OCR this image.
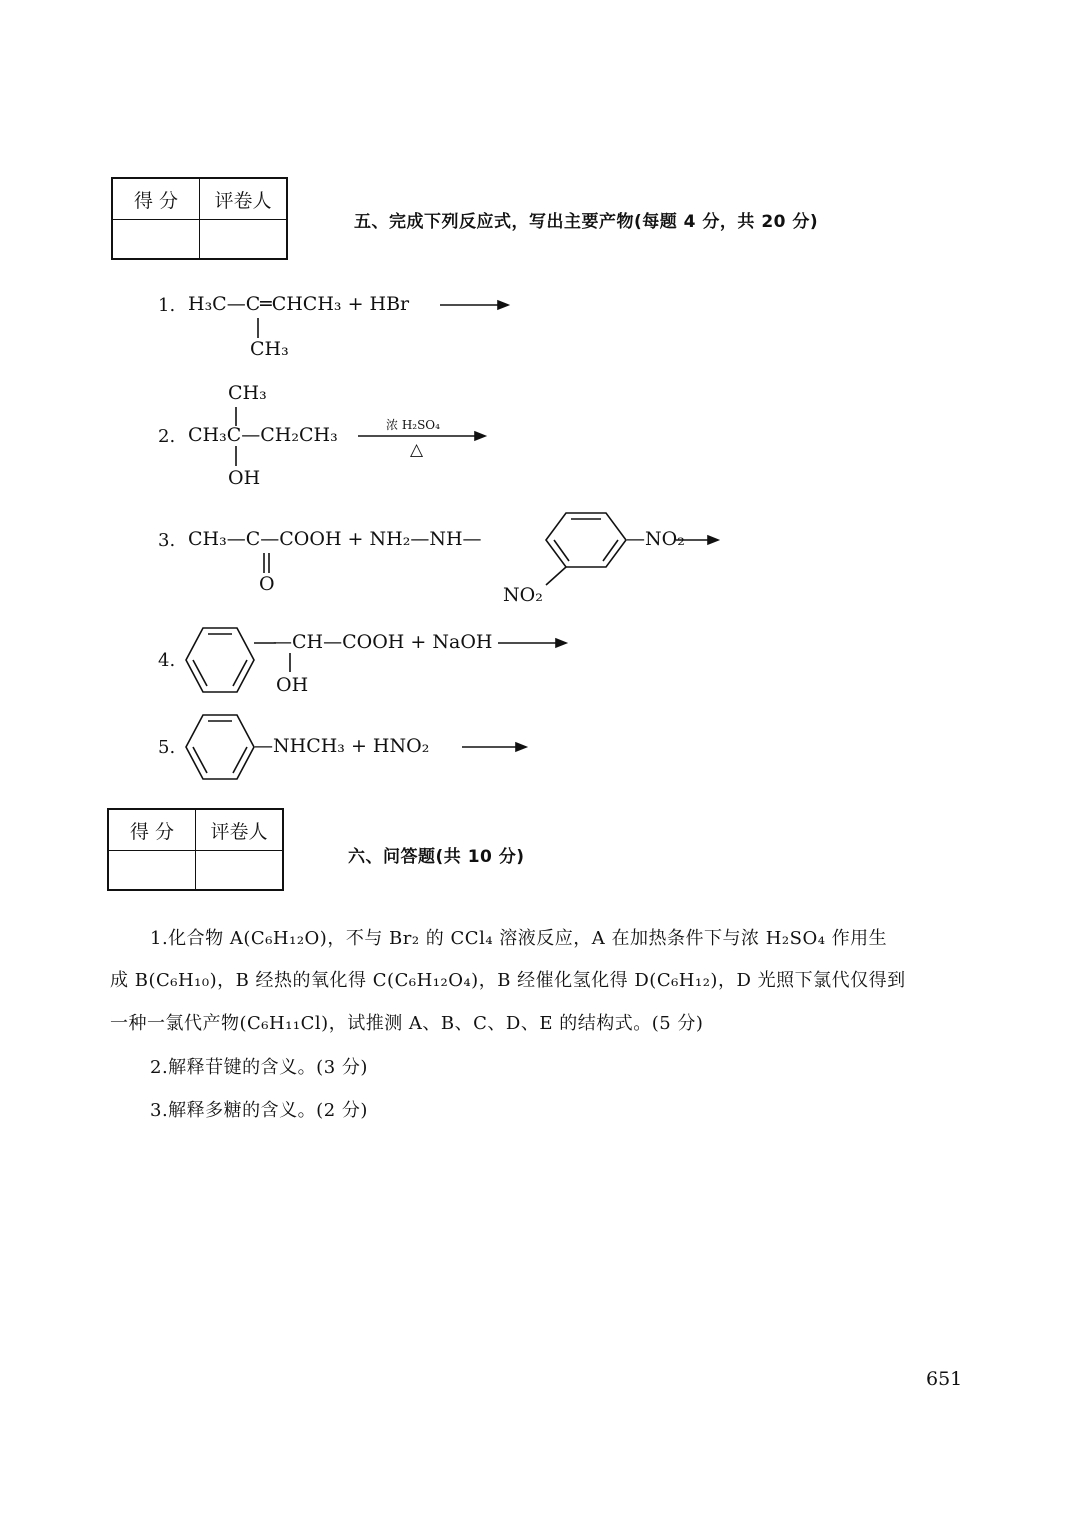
得 分	评卷人

五、完成下列反应式，写出主要产物(每题 4 分，共 20 分)
1. H₃C—C═CHCH₃ + HBr
CH₃
2.
CH₃
CH₃C—CH₂CH₃
OH
浓 H₂SO₄
△
3. CH₃—C—COOH + NH₂—NH—
O
—NO₂
NO₂
4.
—CH—COOH + NaOH
OH
5.	—NHCH₃ + HNO₂
得 分	评卷人

六、问答题(共 10 分)
1.化合物 A(C₆H₁₂O)，不与 Br₂ 的 CCl₄ 溶液反应，A 在加热条件下与浓 H₂SO₄ 作用生
成 B(C₆H₁₀)，B 经热的氧化得 C(C₆H₁₂O₄)，B 经催化氢化得 D(C₆H₁₂)，D 光照下氯代仅得到
一种一氯代产物(C₆H₁₁Cl)，试推测 A、B、C、D、E 的结构式。(5 分)
2.解释苷键的含义。(3 分)
3.解释多糖的含义。(2 分)
651
